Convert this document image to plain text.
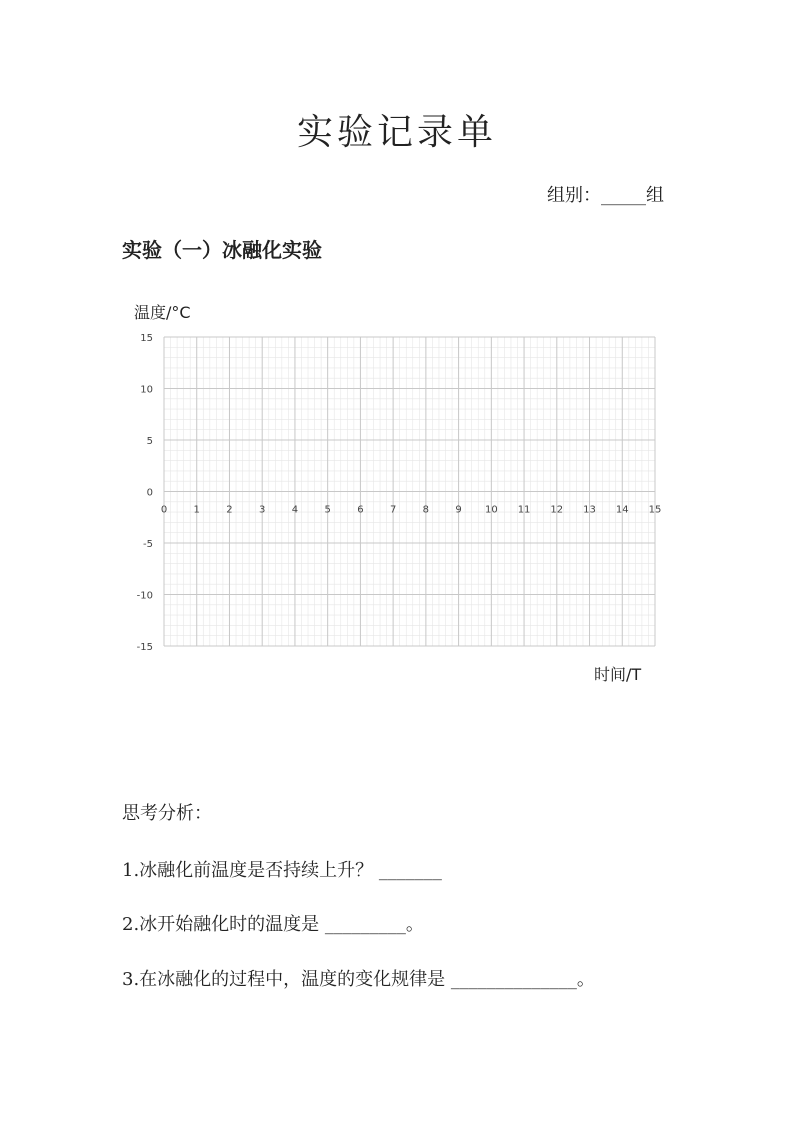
实验记录单
组别：_____组
实验（一）冰融化实验
温度/°C
0	1	2	3	4	5	6	7	8	9 10 11 12 13 14 15
15
10
5
0
-5
-10
-15
时间/T
思考分析：
1.冰融化前温度是否持续上升？ _______
2.冰开始融化时的温度是 _________。
3.在冰融化的过程中，温度的变化规律是 ______________。
